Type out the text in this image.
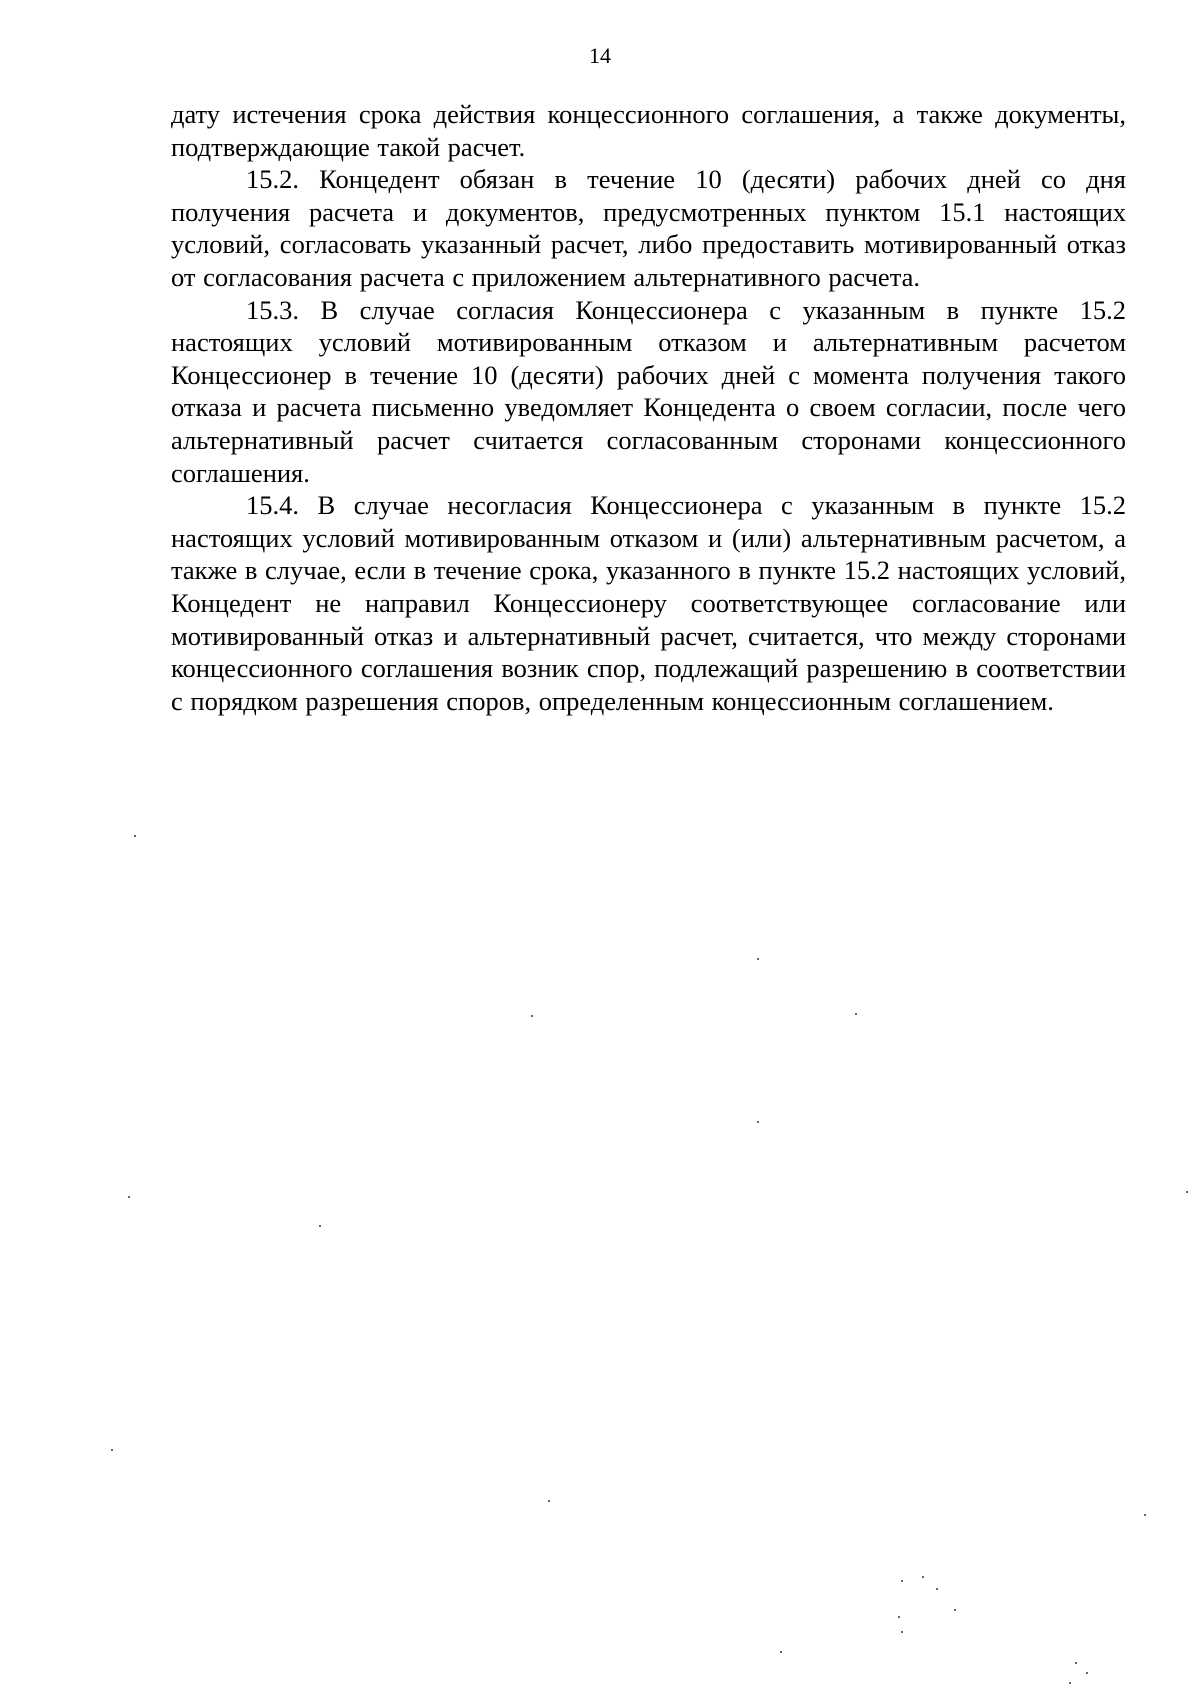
14

дату истечения срока действия концессионного соглашения, а также документы, подтверждающие такой расчет.

15.2. Концедент обязан в течение 10 (десяти) рабочих дней со дня получения расчета и документов, предусмотренных пунктом 15.1 настоящих условий, согласовать указанный расчет, либо предоставить мотивированный отказ от согласования расчета с приложением альтернативного расчета.

15.3. В случае согласия Концессионера с указанным в пункте 15.2 настоящих условий мотивированным отказом и альтернативным расчетом Концессионер в течение 10 (десяти) рабочих дней с момента получения такого отказа и расчета письменно уведомляет Концедента о своем согласии, после чего альтернативный расчет считается согласованным сторонами концессионного соглашения.

15.4. В случае несогласия Концессионера с указанным в пункте 15.2 настоящих условий мотивированным отказом и (или) альтернативным расчетом, а также в случае, если в течение срока, указанного в пункте 15.2 настоящих условий, Концедент не направил Концессионеру соответствующее согласование или мотивированный отказ и альтернативный расчет, считается, что между сторонами концессионного соглашения возник спор, подлежащий разрешению в соответствии с порядком разрешения споров, определенным концессионным соглашением.
